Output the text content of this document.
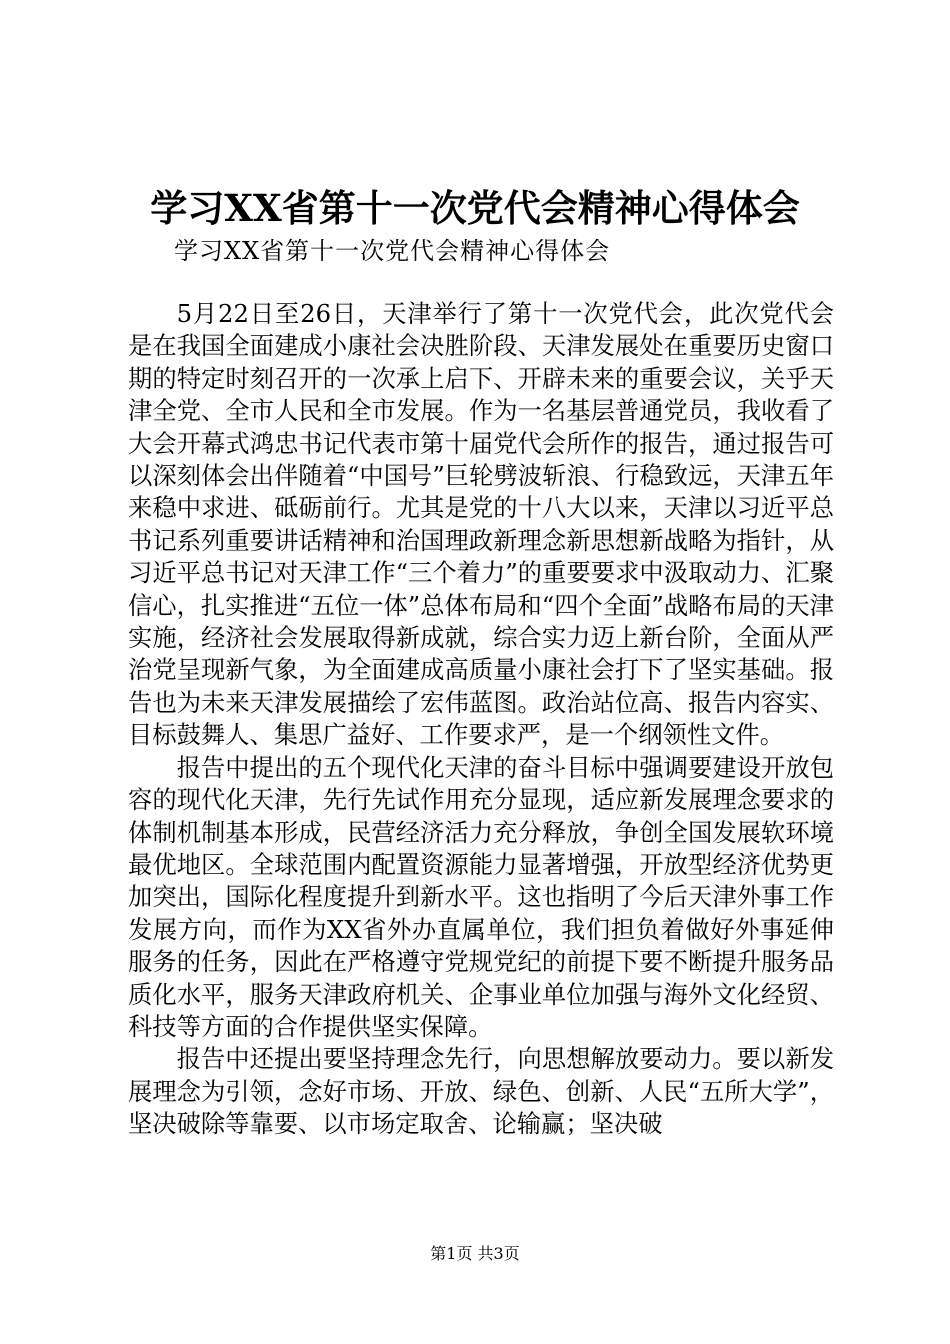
学习XX省第十一次党代会精神心得体会
学习XX省第十一次党代会精神心得体会

5月22日至26日，天津举行了第十一次党代会，此次党代会是在我国全面建成小康社会决胜阶段、天津发展处在重要历史窗口期的特定时刻召开的一次承上启下、开辟未来的重要会议，关乎天津全党、全市人民和全市发展。作为一名基层普通党员，我收看了大会开幕式鸿忠书记代表市第十届党代会所作的报告，通过报告可以深刻体会出伴随着“中国号”巨轮劈波斩浪、行稳致远，天津五年来稳中求进、砥砺前行。尤其是党的十八大以来，天津以习近平总书记系列重要讲话精神和治国理政新理念新思想新战略为指针，从习近平总书记对天津工作“三个着力”的重要要求中汲取动力、汇聚信心，扎实推进“五位一体”总体布局和“四个全面”战略布局的天津实施，经济社会发展取得新成就，综合实力迈上新台阶，全面从严治党呈现新气象，为全面建成高质量小康社会打下了坚实基础。报告也为未来天津发展描绘了宏伟蓝图。政治站位高、报告内容实、目标鼓舞人、集思广益好、工作要求严，是一个纲领性文件。

报告中提出的五个现代化天津的奋斗目标中强调要建设开放包容的现代化天津，先行先试作用充分显现，适应新发展理念要求的体制机制基本形成，民营经济活力充分释放，争创全国发展软环境最优地区。全球范围内配置资源能力显著增强，开放型经济优势更加突出，国际化程度提升到新水平。这也指明了今后天津外事工作发展方向，而作为XX省外办直属单位，我们担负着做好外事延伸服务的任务，因此在严格遵守党规党纪的前提下要不断提升服务品质化水平，服务天津政府机关、企事业单位加强与海外文化经贸、科技等方面的合作提供坚实保障。

报告中还提出要坚持理念先行，向思想解放要动力。要以新发展理念为引领，念好市场、开放、绿色、创新、人民“五所大学”，坚决破除等靠要、以市场定取舍、论输赢；坚决破

第1页 共3页
